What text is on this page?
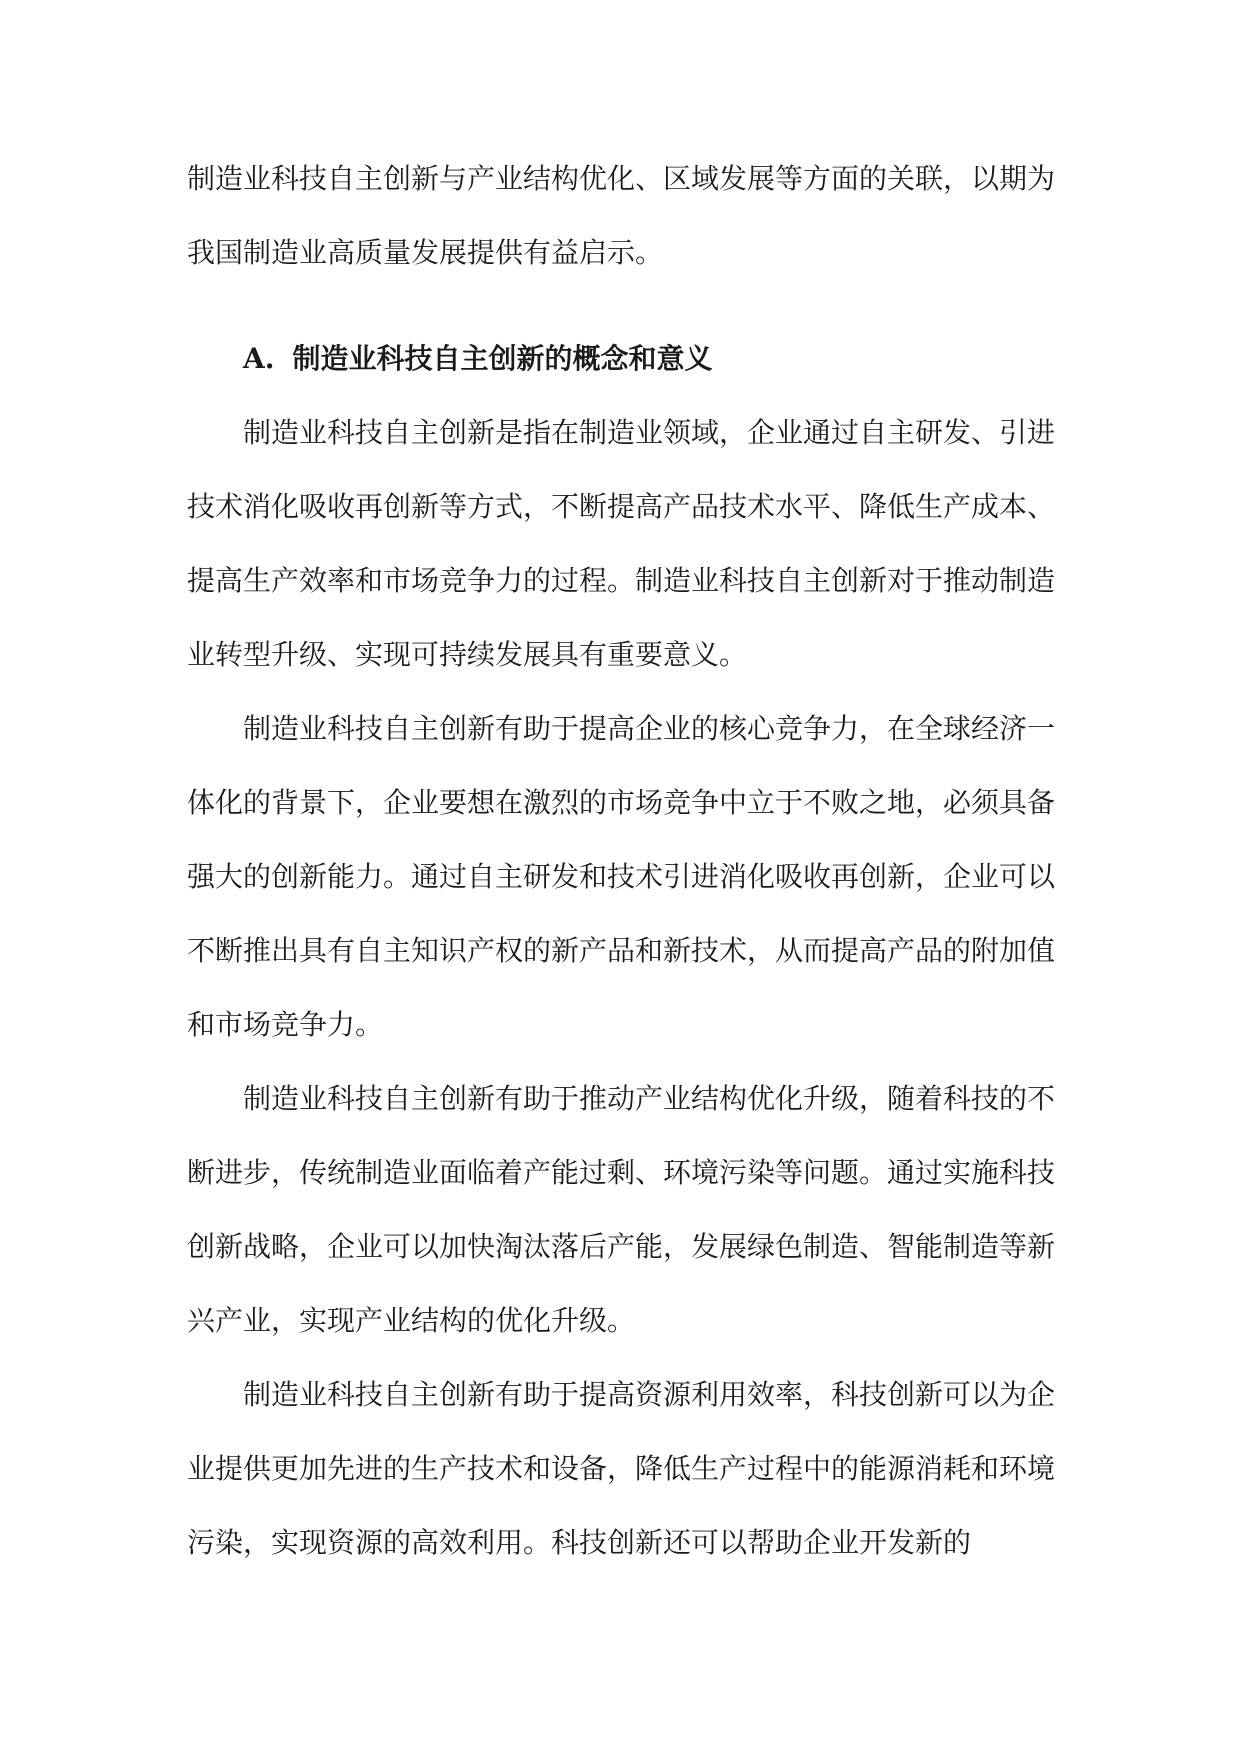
制造业科技自主创新与产业结构优化、区域发展等方面的关联，以期为我国制造业高质量发展提供有益启示。

A. 制造业科技自主创新的概念和意义

制造业科技自主创新是指在制造业领域，企业通过自主研发、引进技术消化吸收再创新等方式，不断提高产品技术水平、降低生产成本、提高生产效率和市场竞争力的过程。制造业科技自主创新对于推动制造业转型升级、实现可持续发展具有重要意义。

制造业科技自主创新有助于提高企业的核心竞争力，在全球经济一体化的背景下，企业要想在激烈的市场竞争中立于不败之地，必须具备强大的创新能力。通过自主研发和技术引进消化吸收再创新，企业可以不断推出具有自主知识产权的新产品和新技术，从而提高产品的附加值和市场竞争力。

制造业科技自主创新有助于推动产业结构优化升级，随着科技的不断进步，传统制造业面临着产能过剩、环境污染等问题。通过实施科技创新战略，企业可以加快淘汰落后产能，发展绿色制造、智能制造等新兴产业，实现产业结构的优化升级。

制造业科技自主创新有助于提高资源利用效率，科技创新可以为企业提供更加先进的生产技术和设备，降低生产过程中的能源消耗和环境污染，实现资源的高效利用。科技创新还可以帮助企业开发新的
